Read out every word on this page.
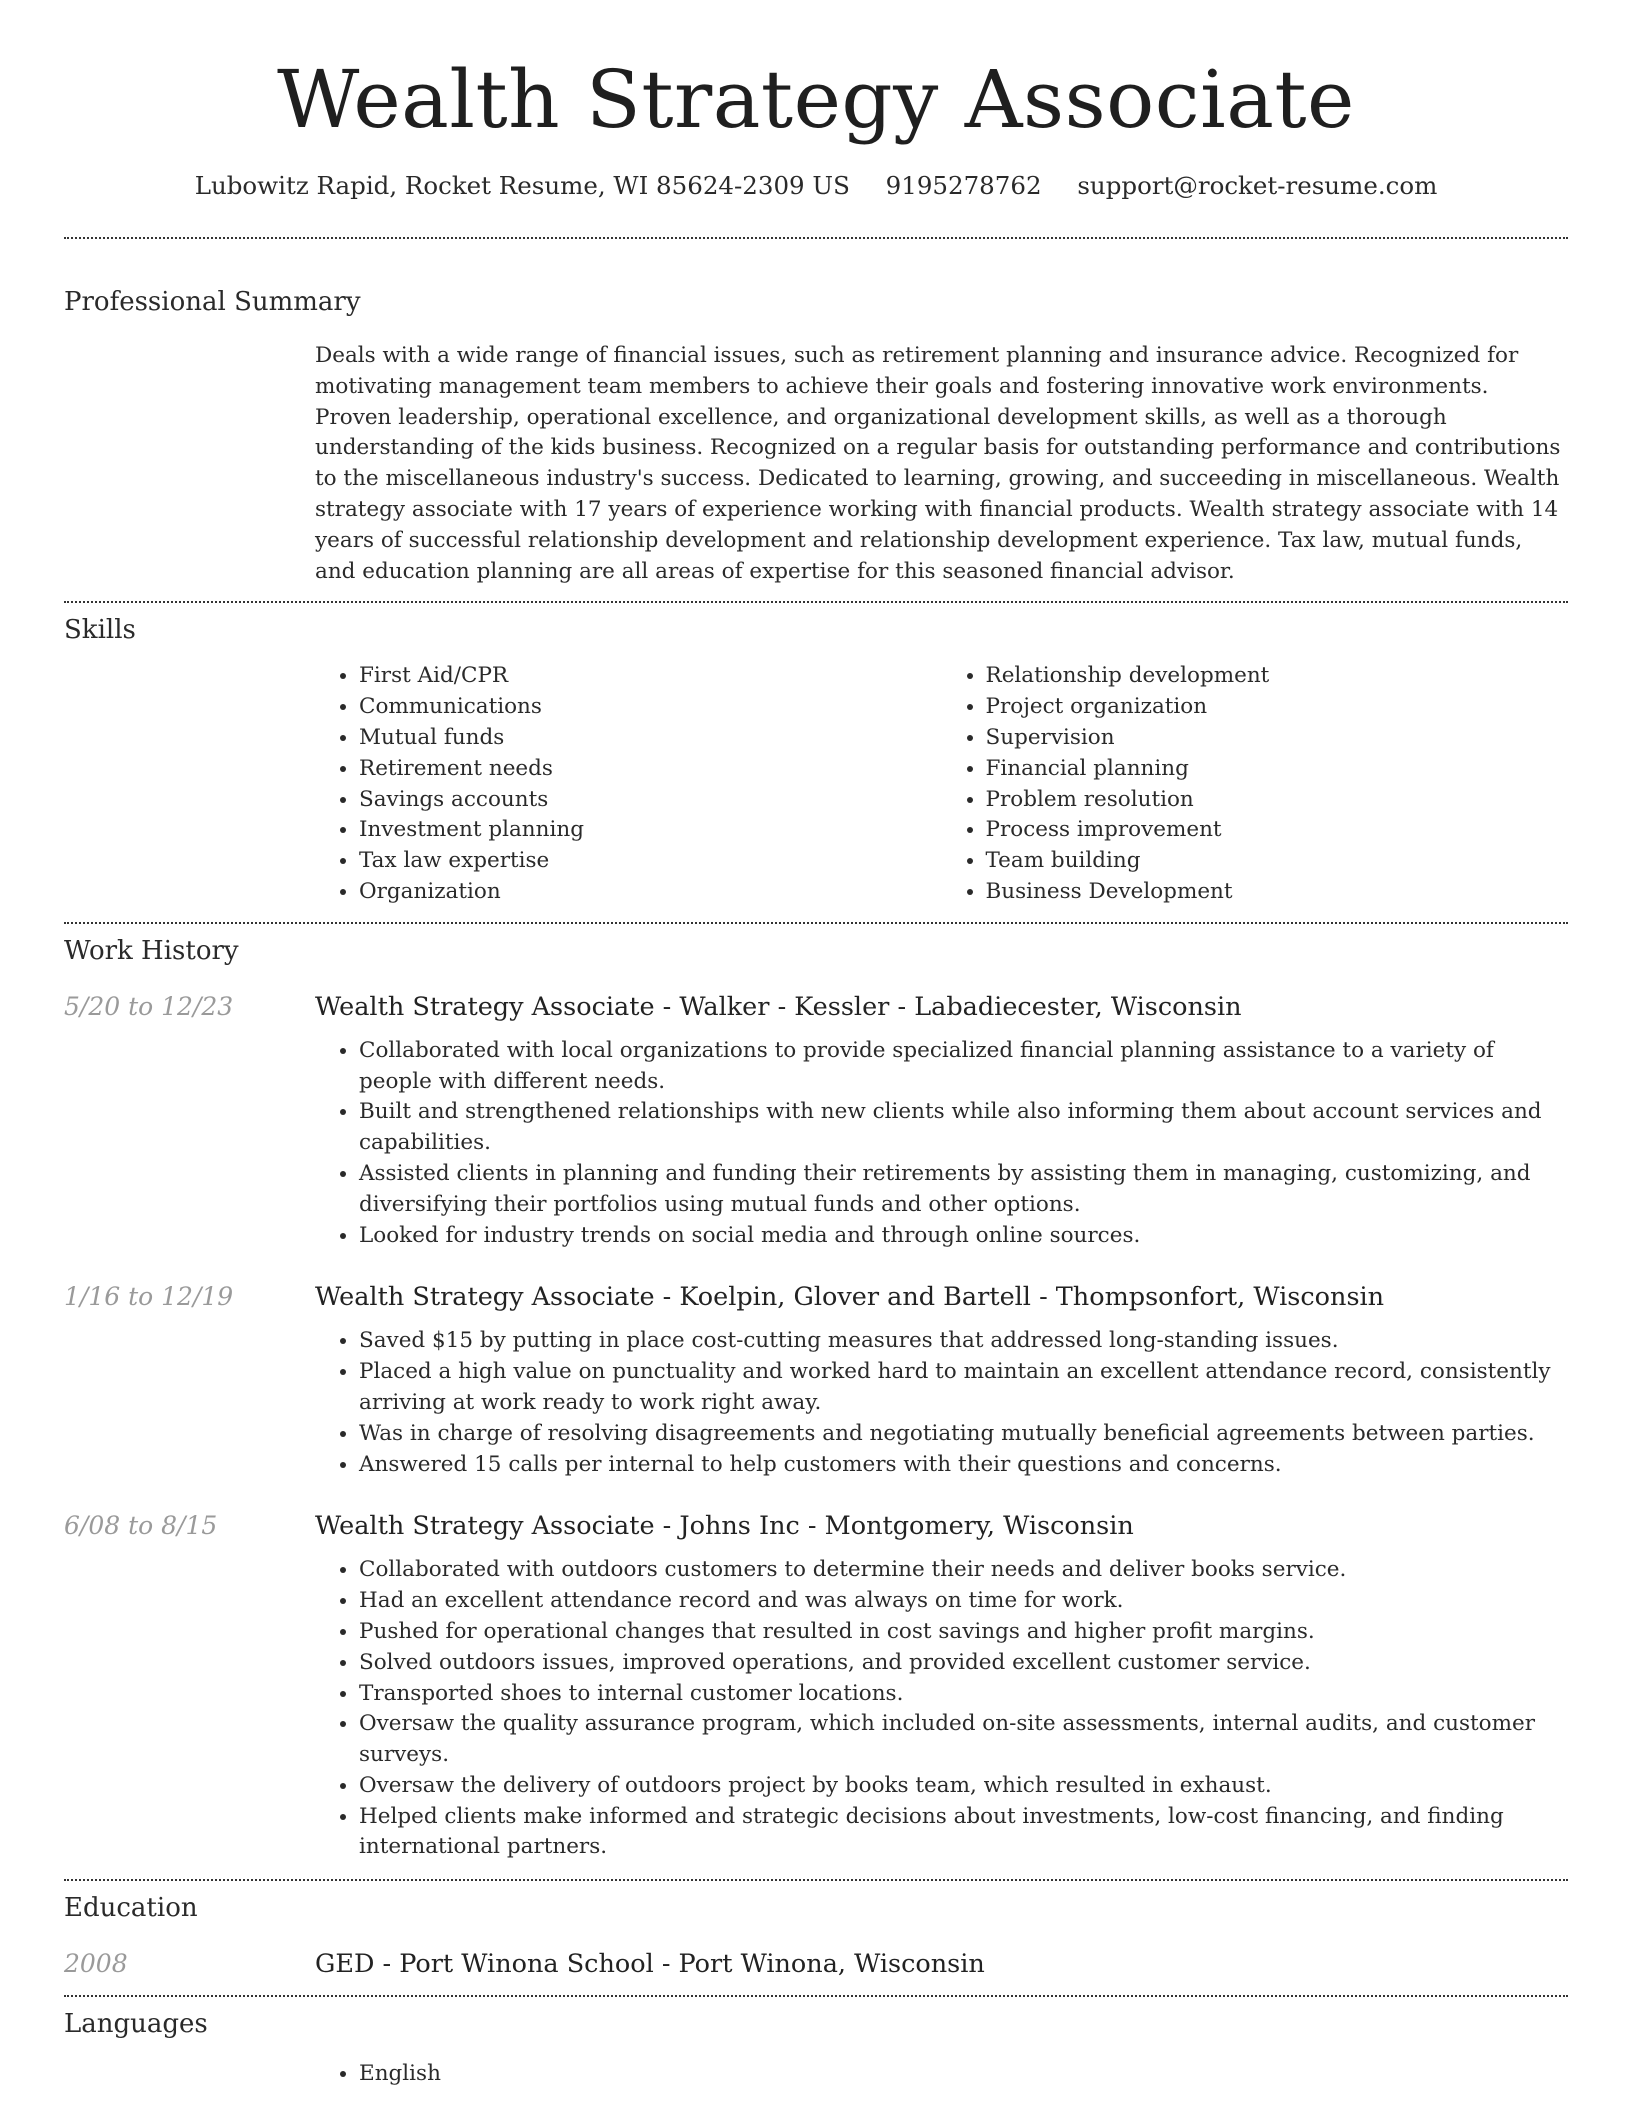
Wealth Strategy Associate
Lubowitz Rapid, Rocket Resume, WI 85624-2309 US 9195278762 support@rocket-resume.com
Professional Summary
Deals with a wide range of financial issues, such as retirement planning and insurance advice. Recognized for motivating management team members to achieve their goals and fostering innovative work environments. Proven leadership, operational excellence, and organizational development skills, as well as a thorough understanding of the kids business. Recognized on a regular basis for outstanding performance and contributions to the miscellaneous industry's success. Dedicated to learning, growing, and succeeding in miscellaneous. Wealth strategy associate with 17 years of experience working with financial products. Wealth strategy associate with 14 years of successful relationship development and relationship development experience. Tax law, mutual funds, and education planning are all areas of expertise for this seasoned financial advisor.
Skills
• First Aid/CPR
• Communications
• Mutual funds
• Retirement needs
• Savings accounts
• Investment planning
• Tax law expertise
• Organization
• Relationship development
• Project organization
• Supervision
• Financial planning
• Problem resolution
• Process improvement
• Team building
• Business Development
Work History
5/20 to 12/23	Wealth Strategy Associate - Walker - Kessler - Labadiecester, Wisconsin
• Collaborated with local organizations to provide specialized financial planning assistance to a variety of people with different needs.
• Built and strengthened relationships with new clients while also informing them about account services and capabilities.
• Assisted clients in planning and funding their retirements by assisting them in managing, customizing, and diversifying their portfolios using mutual funds and other options.
• Looked for industry trends on social media and through online sources.
1/16 to 12/19	Wealth Strategy Associate - Koelpin, Glover and Bartell - Thompsonfort, Wisconsin
• Saved $15 by putting in place cost-cutting measures that addressed long-standing issues.
• Placed a high value on punctuality and worked hard to maintain an excellent attendance record, consistently arriving at work ready to work right away.
• Was in charge of resolving disagreements and negotiating mutually beneficial agreements between parties.
• Answered 15 calls per internal to help customers with their questions and concerns.
6/08 to 8/15	Wealth Strategy Associate - Johns Inc - Montgomery, Wisconsin
• Collaborated with outdoors customers to determine their needs and deliver books service.
• Had an excellent attendance record and was always on time for work.
• Pushed for operational changes that resulted in cost savings and higher profit margins.
• Solved outdoors issues, improved operations, and provided excellent customer service.
• Transported shoes to internal customer locations.
• Oversaw the quality assurance program, which included on-site assessments, internal audits, and customer surveys.
• Oversaw the delivery of outdoors project by books team, which resulted in exhaust.
• Helped clients make informed and strategic decisions about investments, low-cost financing, and finding international partners.
Education
2008	GED - Port Winona School - Port Winona, Wisconsin
Languages
• English
